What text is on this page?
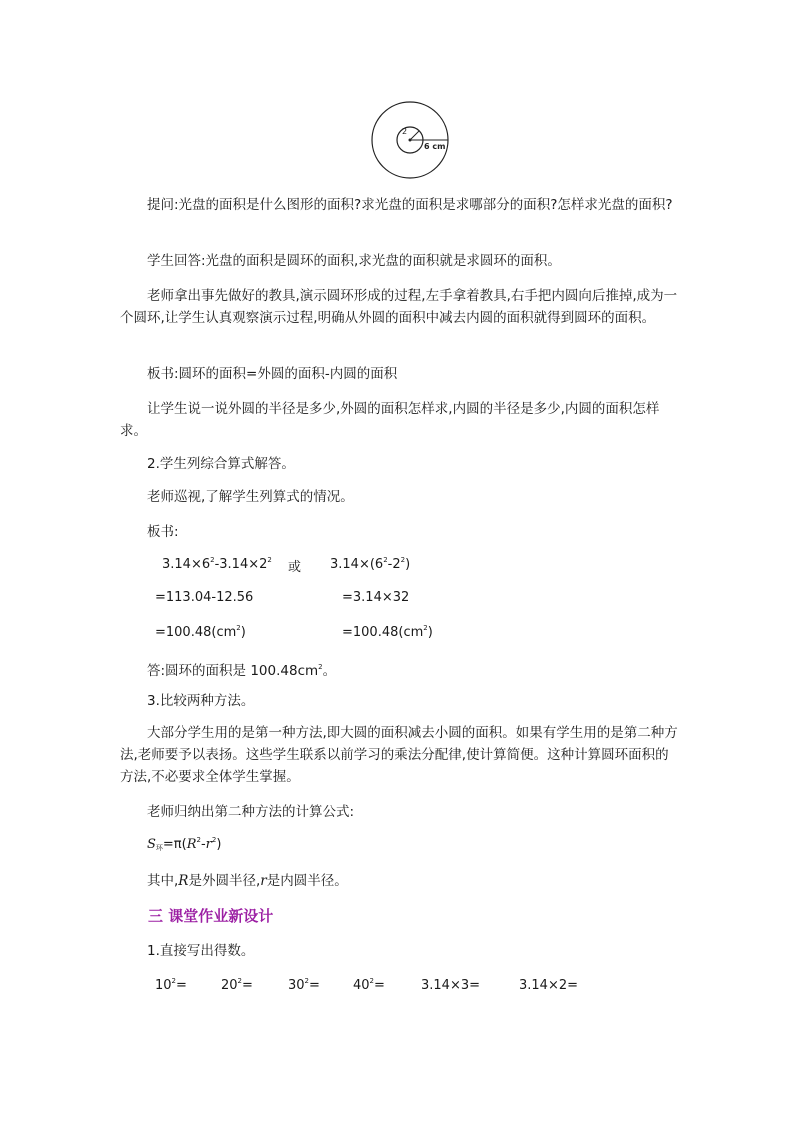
2
6 cm

提问:光盘的面积是什么图形的面积?求光盘的面积是求哪部分的面积?怎样求光盘的面积?

学生回答:光盘的面积是圆环的面积,求光盘的面积就是求圆环的面积。

老师拿出事先做好的教具,演示圆环形成的过程,左手拿着教具,右手把内圆向后推掉,成为一个圆环,让学生认真观察演示过程,明确从外圆的面积中减去内圆的面积就得到圆环的面积。

板书:圆环的面积=外圆的面积-内圆的面积

让学生说一说外圆的半径是多少,外圆的面积怎样求,内圆的半径是多少,内圆的面积怎样求。

2.学生列综合算式解答。

老师巡视,了解学生列算式的情况。

板书:

$3.14\times 6^2-3.14\times 2^2$ 或 $3.14\times(6^2-2^2)$
=113.04-12.56	=3.14×32
$=100.48(cm^2)$	$=100.48(cm^2)$

答:圆环的面积是 $100.48cm^2$。

3.比较两种方法。

大部分学生用的是第一种方法,即大圆的面积减去小圆的面积。如果有学生用的是第二种方法,老师要予以表扬。这些学生联系以前学习的乘法分配律,使计算简便。这种计算圆环面积的方法,不必要求全体学生掌握。

老师归纳出第二种方法的计算公式:

$S_环=\pi(R^2-r^2)$

其中,R是外圆半径,r是内圆半径。

三 课堂作业新设计

1.直接写出得数。

$10^2=$	$20^2=$	$30^2=$	$40^2=$	3.14×3=	3.14×2=
